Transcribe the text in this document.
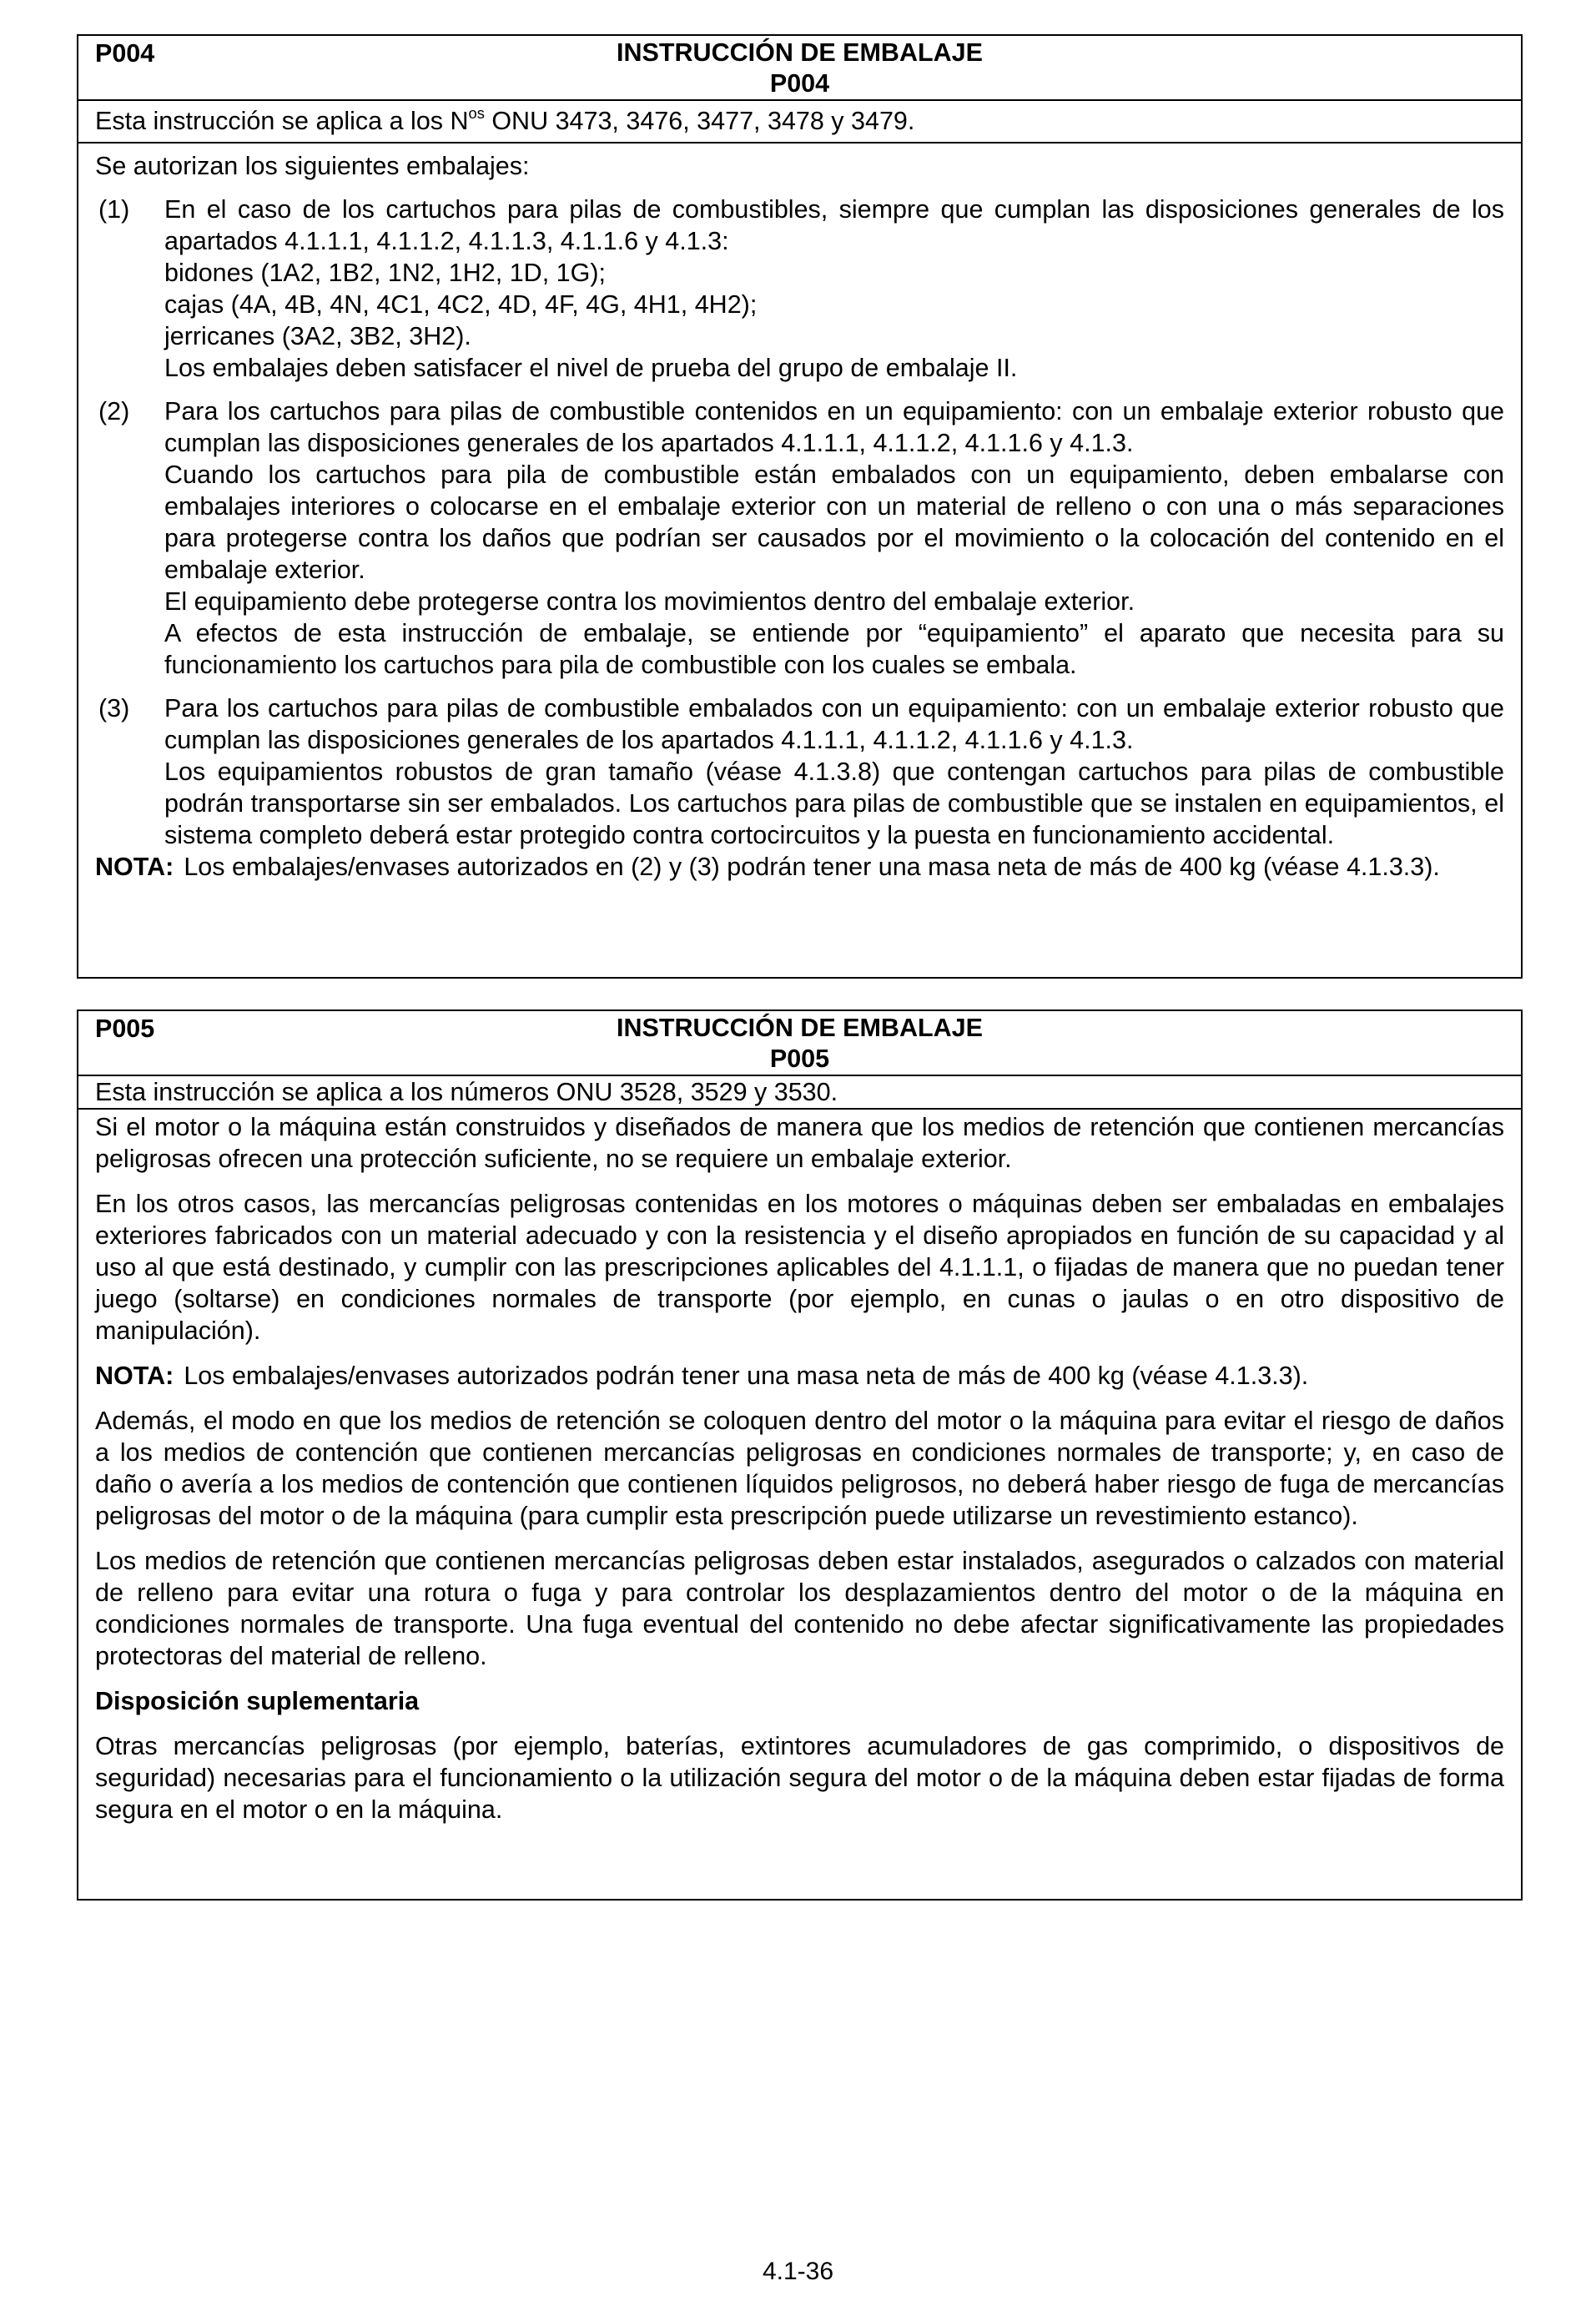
P004	INSTRUCCIÓN DE EMBALAJE
P004
Esta instrucción se aplica a los $N^{os}$ ONU 3473, 3476, 3477, 3478 y 3479.

Se autorizan los siguientes embalajes:

(1)	En el caso de los cartuchos para pilas de combustibles, siempre que cumplan las disposiciones generales de los apartados 4.1.1.1, 4.1.1.2, 4.1.1.3, 4.1.1.6 y 4.1.3:

bidones (1A2, 1B2, 1N2, 1H2, 1D, 1G);

cajas (4A, 4B, 4N, 4C1, 4C2, 4D, 4F, 4G, 4H1, 4H2);

jerricanes (3A2, 3B2, 3H2).

Los embalajes deben satisfacer el nivel de prueba del grupo de embalaje II.

(2)	Para los cartuchos para pilas de combustible contenidos en un equipamiento: con un embalaje exterior robusto que cumplan las disposiciones generales de los apartados 4.1.1.1, 4.1.1.2, 4.1.1.6 y 4.1.3.

Cuando los cartuchos para pila de combustible están embalados con un equipamiento, deben embalarse con embalajes interiores o colocarse en el embalaje exterior con un material de relleno o con una o más separaciones para protegerse contra los daños que podrían ser causados por el movimiento o la colocación del contenido en el embalaje exterior.

El equipamiento debe protegerse contra los movimientos dentro del embalaje exterior.

A efectos de esta instrucción de embalaje, se entiende por “equipamiento” el aparato que necesita para su funcionamiento los cartuchos para pila de combustible con los cuales se embala.

(3)	Para los cartuchos para pilas de combustible embalados con un equipamiento: con un embalaje exterior robusto que cumplan las disposiciones generales de los apartados 4.1.1.1, 4.1.1.2, 4.1.1.6 y 4.1.3.

Los equipamientos robustos de gran tamaño (véase 4.1.3.8) que contengan cartuchos para pilas de combustible podrán transportarse sin ser embalados. Los cartuchos para pilas de combustible que se instalen en equipamientos, el sistema completo deberá estar protegido contra cortocircuitos y la puesta en funcionamiento accidental.

NOTA: Los embalajes/envases autorizados en (2) y (3) podrán tener una masa neta de más de 400 kg (véase 4.1.3.3).
P005	INSTRUCCIÓN DE EMBALAJE
P005
Esta instrucción se aplica a los números ONU 3528, 3529 y 3530.

Si el motor o la máquina están construidos y diseñados de manera que los medios de retención que contienen mercancías peligrosas ofrecen una protección suficiente, no se requiere un embalaje exterior.

En los otros casos, las mercancías peligrosas contenidas en los motores o máquinas deben ser embaladas en embalajes exteriores fabricados con un material adecuado y con la resistencia y el diseño apropiados en función de su capacidad y al uso al que está destinado, y cumplir con las prescripciones aplicables del 4.1.1.1, o fijadas de manera que no puedan tener juego (soltarse) en condiciones normales de transporte (por ejemplo, en cunas o jaulas o en otro dispositivo de manipulación).

NOTA: Los embalajes/envases autorizados podrán tener una masa neta de más de 400 kg (véase 4.1.3.3).

Además, el modo en que los medios de retención se coloquen dentro del motor o la máquina para evitar el riesgo de daños a los medios de contención que contienen mercancías peligrosas en condiciones normales de transporte; y, en caso de daño o avería a los medios de contención que contienen líquidos peligrosos, no deberá haber riesgo de fuga de mercancías peligrosas del motor o de la máquina (para cumplir esta prescripción puede utilizarse un revestimiento estanco).

Los medios de retención que contienen mercancías peligrosas deben estar instalados, asegurados o calzados con material de relleno para evitar una rotura o fuga y para controlar los desplazamientos dentro del motor o de la máquina en condiciones normales de transporte. Una fuga eventual del contenido no debe afectar significativamente las propiedades protectoras del material de relleno.

Disposición suplementaria

Otras mercancías peligrosas (por ejemplo, baterías, extintores acumuladores de gas comprimido, o dispositivos de seguridad) necesarias para el funcionamiento o la utilización segura del motor o de la máquina deben estar fijadas de forma segura en el motor o en la máquina.

4.1-36
